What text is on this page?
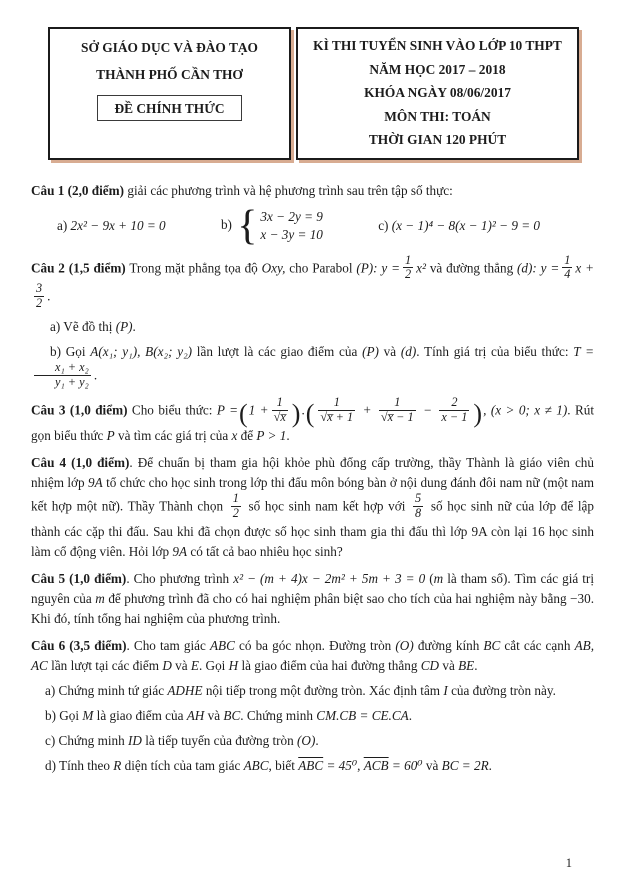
SỞ GIÁO DỤC VÀ ĐÀO TẠO
THÀNH PHỐ CẦN THƠ
ĐỀ CHÍNH THỨC
KÌ THI TUYỂN SINH VÀO LỚP 10 THPT
NĂM HỌC 2017 – 2018
KHÓA NGÀY 08/06/2017
MÔN THI: TOÁN
THỜI GIAN 120 PHÚT

Câu 1 (2,0 điểm) giải các phương trình và hệ phương trình sau trên tập số thực:

a) 2x² − 9x + 10 = 0	b) { 3x − 2y = 9
x − 3y = 10
c) (x − 1)⁴ − 8(x − 1)² − 9 = 0

Câu 2 (1,5 điểm) Trong mặt phẳng tọa độ Oxy, cho Parabol (P): $y = \frac{1}{2} x^2$ và đường thẳng (d): $y = \frac{1}{4}$ x +
$\frac{3}{2}$ .

a) Vẽ đồ thị (P).

b) Gọi A(x₁; y₁), B(x₂; y₂) lần lượt là các giao điểm của (P) và (d). Tính giá trị của biểu thức: T =
$\frac{\text{x₁ + x₂}}{\text{y₁ + y₂}}$ .

Câu 3 (1,0 điểm) Cho biểu thức: $P =(1 + \frac{1}{√x̅}$ ).( $\frac{1}{√x̅ + 1} + \frac{1}{√x̅ - 1} - \frac{2}{x - 1}$ ), (x > 0; x ≠ 1). Rút gọn biểu thức P và tìm các giá trị của x để P > 1.

Câu 4 (1,0 điểm). Để chuẩn bị tham gia hội khỏe phù đổng cấp trường, thầy Thành là giáo viên chủ nhiệm lớp 9A tổ chức cho học sinh trong lớp thi đấu môn bóng bàn ở nội dung đánh đôi nam nữ (một nam kết hợp một nữ). Thầy Thành chọn $\frac{1}{2}$ số học sinh nam kết hợp với $\frac{5}{8}$ số học sinh nữ của lớp để lập thành các cặp thi đấu. Sau khi đã chọn được số học sinh tham gia thi đấu thì lớp 9A còn lại 16 học sinh làm cổ động viên. Hỏi lớp 9A có tất cả bao nhiêu học sinh?

Câu 5 (1,0 điểm). Cho phương trình x² − (m + 4)x − 2m² + 5m + 3 = 0 (m là tham số). Tìm các giá trị nguyên của m để phương trình đã cho có hai nghiệm phân biệt sao cho tích của hai nghiệm này bằng −30. Khi đó, tính tổng hai nghiệm của phương trình.

Câu 6 (3,5 điểm). Cho tam giác ABC có ba góc nhọn. Đường tròn (O) đường kính BC cắt các cạnh AB, AC lần lượt tại các điểm D và E. Gọi H là giao điểm của hai đường thẳng CD và BE.

a) Chứng minh tứ giác ADHE nội tiếp trong một đường tròn. Xác định tâm I của đường tròn này.

b) Gọi M là giao điểm của AH và BC. Chứng minh CM.CB = CE.CA.

c) Chứng minh ID là tiếp tuyến của đường tròn (O).

d) Tính theo R diện tích của tam giác ABC, biết $\overline{ABC} = 45^0$, $\overline{ACB} = 60^0$ và BC = 2R.

1
